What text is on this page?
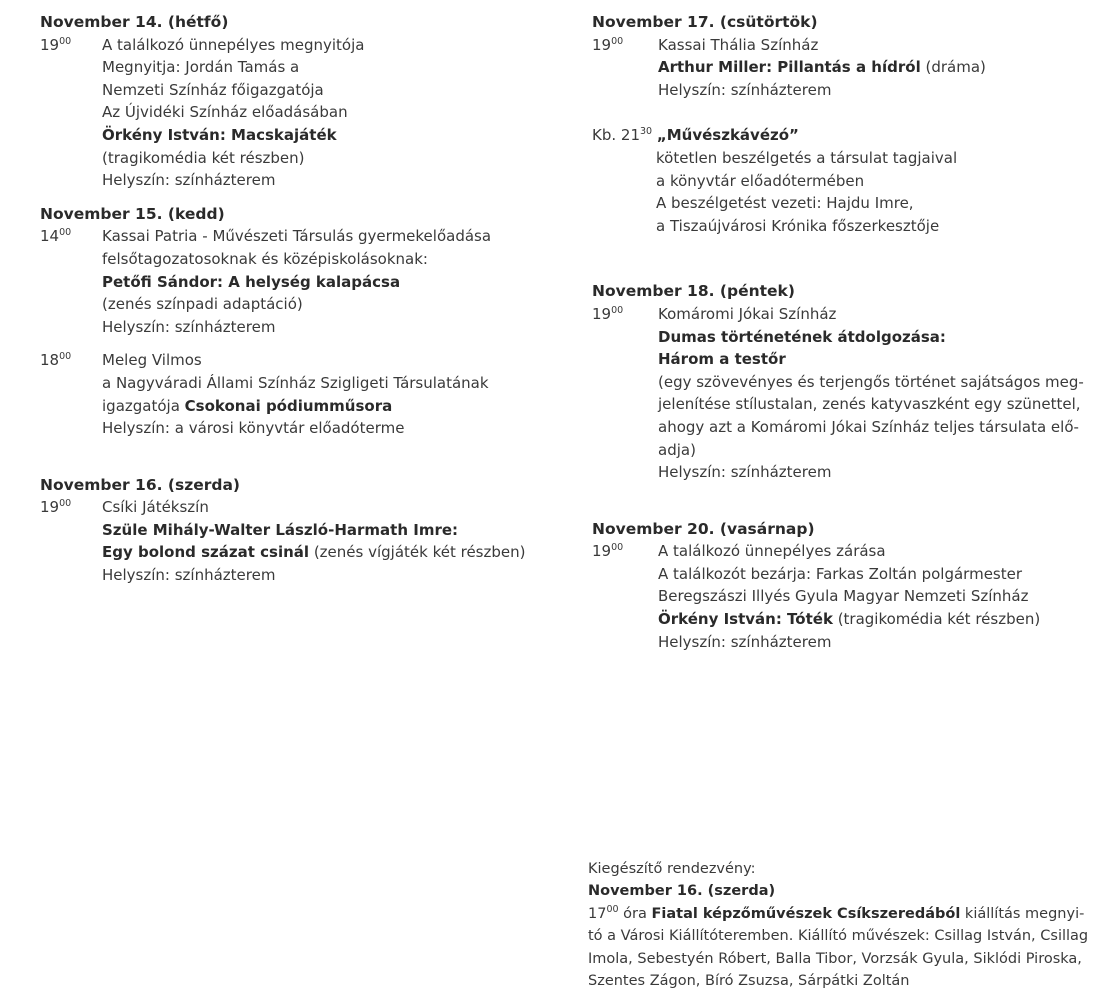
November 14. (hétfő)
$19^{00}$	A találkozó ünnepélyes megnyitója
Megnyitja: Jordán Tamás a
Nemzeti Színház főigazgatója
Az Újvidéki Színház előadásában
Örkény István: Macskajáték
(tragikomédia két részben)
Helyszín: színházterem
November 15. (kedd)
$14^{00}$	Kassai Patria - Művészeti Társulás gyermekelőadása
felsőtagozatosoknak és középiskolásoknak:
Petőfi Sándor: A helység kalapácsa
(zenés színpadi adaptáció)
Helyszín: színházterem
$18^{00}$	Meleg Vilmos
a Nagyváradi Állami Színház Szigligeti Társulatának
igazgatója Csokonai pódiumműsora
Helyszín: a városi könyvtár előadóterme
November 16. (szerda)
$19^{00}$	Csíki Játékszín
Szüle Mihály-Walter László-Harmath Imre:
Egy bolond százat csinál (zenés vígjáték két részben)
Helyszín: színházterem
November 17. (csütörtök)
$19^{00}$	Kassai Thália Színház
Arthur Miller: Pillantás a hídról (dráma)
Helyszín: színházterem
Kb. $21^{30}$ „Művészkávézó”
kötetlen beszélgetés a társulat tagjaival
a könyvtár előadótermében
A beszélgetést vezeti: Hajdu Imre,
a Tiszaújvárosi Krónika főszerkesztője
November 18. (péntek)
$19^{00}$	Komáromi Jókai Színház
Dumas történetének átdolgozása:
Három a testőr
(egy szövevényes és terjengős történet sajátságos meg-
jelenítése stílustalan, zenés katyvaszként egy szünettel,
ahogy azt a Komáromi Jókai Színház teljes társulata elő-
adja)
Helyszín: színházterem
November 20. (vasárnap)
$19^{00}$	A találkozó ünnepélyes zárása
A találkozót bezárja: Farkas Zoltán polgármester
Beregszászi Illyés Gyula Magyar Nemzeti Színház
Örkény István: Tóték (tragikomédia két részben)
Helyszín: színházterem
Kiegészítő rendezvény:
November 16. (szerda)
$17^{00}$ óra Fiatal képzőművészek Csíkszeredából kiállítás megnyi-
tó a Városi Kiállítóteremben. Kiállító művészek: Csillag István, Csillag
Imola, Sebestyén Róbert, Balla Tibor, Vorzsák Gyula, Siklódi Piroska,
Szentes Zágon, Bíró Zsuzsa, Sárpátki Zoltán
